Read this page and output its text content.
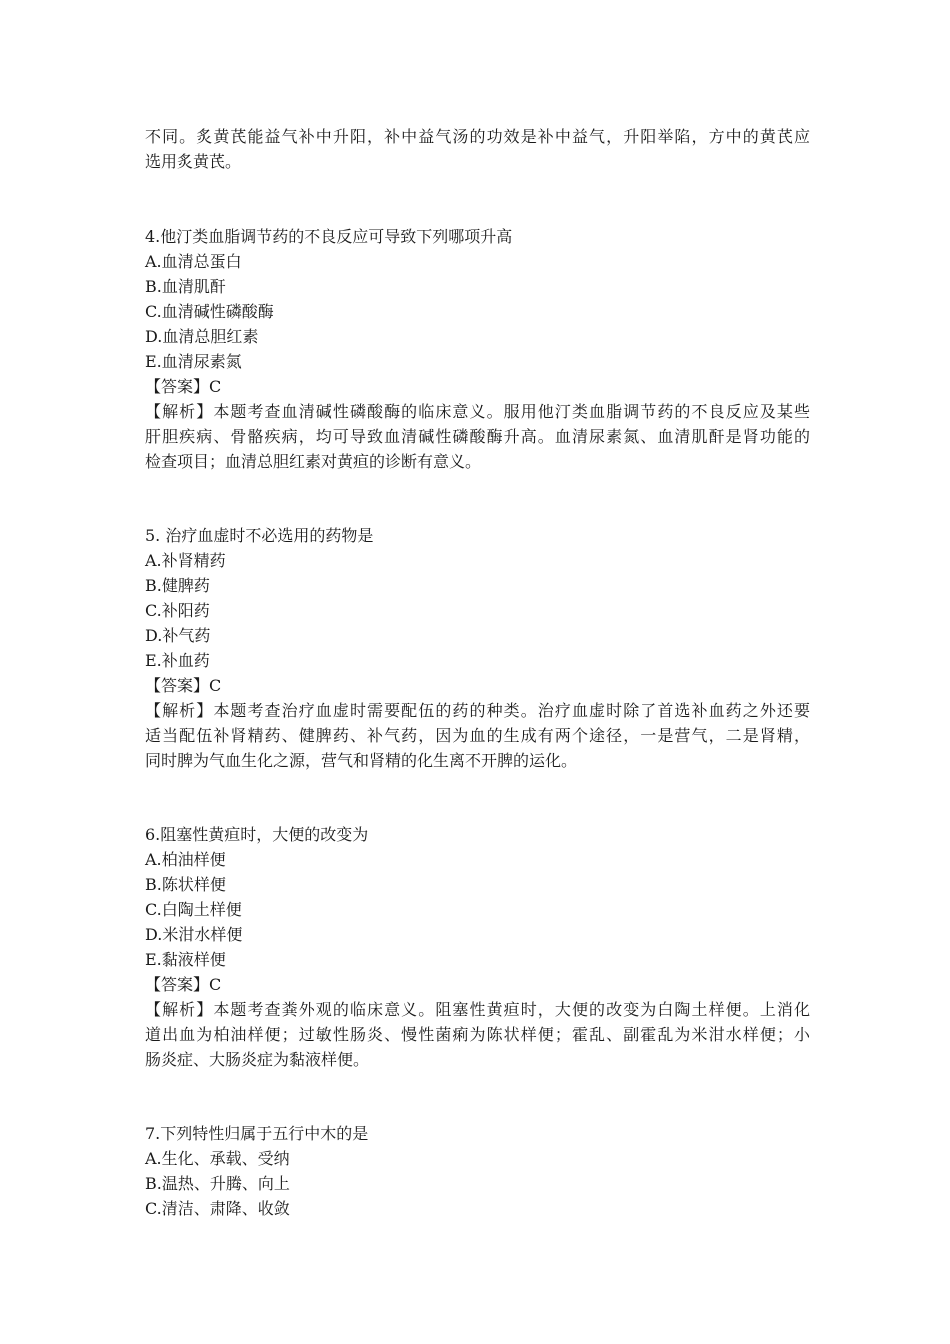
不同。炙黄芪能益气补中升阳，补中益气汤的功效是补中益气，升阳举陷，方中的黄芪应
选用炙黄芪。
4.他汀类血脂调节药的不良反应可导致下列哪项升高
A.血清总蛋白
B.血清肌酐
C.血清碱性磷酸酶
D.血清总胆红素
E.血清尿素氮
【答案】C
【解析】本题考查血清碱性磷酸酶的临床意义。服用他汀类血脂调节药的不良反应及某些
肝胆疾病、骨骼疾病，均可导致血清碱性磷酸酶升高。血清尿素氮、血清肌酐是肾功能的
检查项目；血清总胆红素对黄疸的诊断有意义。
5. 治疗血虚时不必选用的药物是
A.补肾精药
B.健脾药
C.补阳药
D.补气药
E.补血药
【答案】C
【解析】本题考查治疗血虚时需要配伍的药的种类。治疗血虚时除了首选补血药之外还要
适当配伍补肾精药、健脾药、补气药，因为血的生成有两个途径，一是营气，二是肾精，
同时脾为气血生化之源，营气和肾精的化生离不开脾的运化。
6.阻塞性黄疸时，大便的改变为
A.柏油样便
B.陈状样便
C.白陶土样便
D.米泔水样便
E.黏液样便
【答案】C
【解析】本题考查粪外观的临床意义。阻塞性黄疸时，大便的改变为白陶土样便。上消化
道出血为柏油样便；过敏性肠炎、慢性菌痢为陈状样便；霍乱、副霍乱为米泔水样便；小
肠炎症、大肠炎症为黏液样便。
7.下列特性归属于五行中木的是
A.生化、承载、受纳
B.温热、升腾、向上
C.清洁、肃降、收敛
